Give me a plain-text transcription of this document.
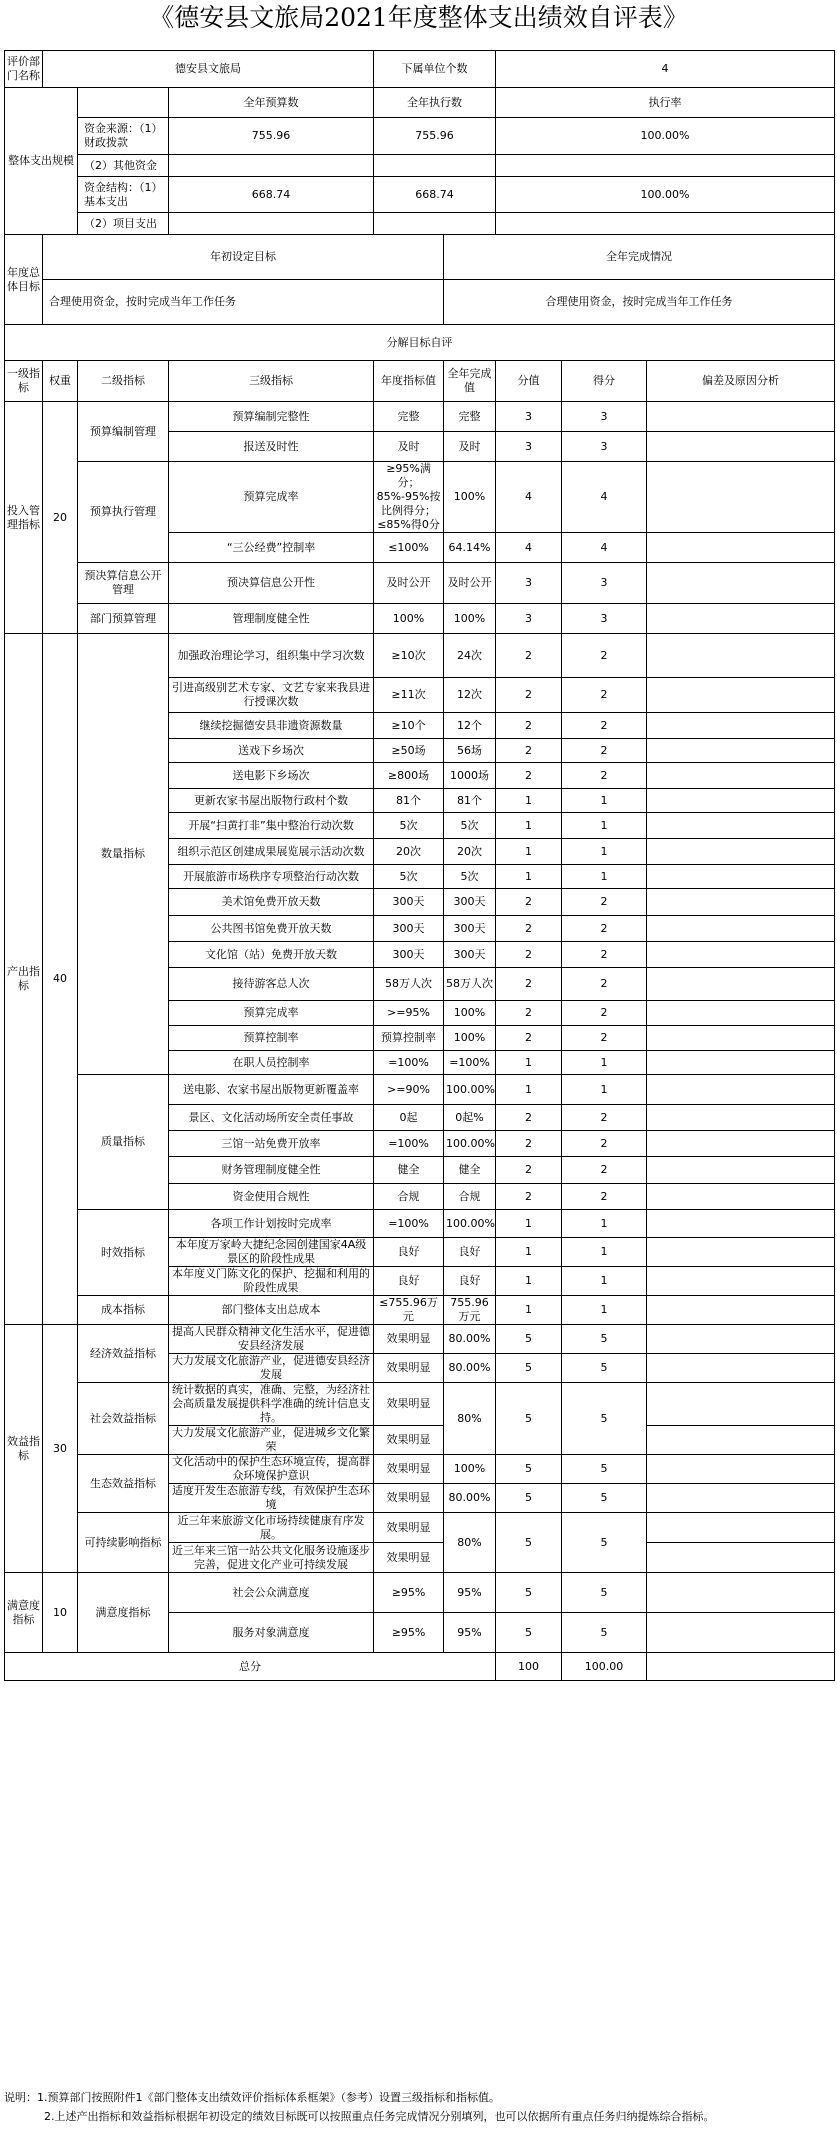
《德安县文旅局2021年度整体支出绩效自评表》
评价部门名称	德安县文旅局			下属单位个数		4		
整体支出规模			全年预算数	全年执行数		执行率		
		资金来源：（1）财政拨款	755.96	755.96		100.00%		
		（2）其他资金						
		资金结构：（1）基本支出	668.74	668.74		100.00%		
		（2）项目支出						
年度总体目标	年初设定目标				全年完成情况			
	合理使用资金，按时完成当年工作任务				合理使用资金，按时完成当年工作任务			
分解目标自评								
一级指标	权重	二级指标	三级指标	年度指标值	全年完成值	分值	得分	偏差及原因分析
投入管理指标	20	预算编制管理	预算编制完整性	完整	完整	3	3	
			报送及时性	及时	及时	3	3	
		预算执行管理	预算完成率	≥95%满分；85%-95%按比例得分；≤85%得0分	100%	4	4	
			“三公经费”控制率	≤100%	64.14%	4	4	
		预决算信息公开管理	预决算信息公开性	及时公开	及时公开	3	3	
		部门预算管理	管理制度健全性	100%	100%	3	3	
产出指标	40	数量指标	加强政治理论学习，组织集中学习次数	≥10次	24次	2	2	
			引进高级别艺术专家、文艺专家来我县进行授课次数	≥11次	12次	2	2	
			继续挖掘德安县非遗资源数量	≥10个	12个	2	2	
			送戏下乡场次	≥50场	56场	2	2	
			送电影下乡场次	≥800场	1000场	2	2	
			更新农家书屋出版物行政村个数	81个	81个	1	1	
			开展“扫黄打非”集中整治行动次数	5次	5次	1	1	
			组织示范区创建成果展览展示活动次数	20次	20次	1	1	
			开展旅游市场秩序专项整治行动次数	5次	5次	1	1	
			美术馆免费开放天数	300天	300天	2	2	
			公共图书馆免费开放天数	300天	300天	2	2	
			文化馆（站）免费开放天数	300天	300天	2	2	
			接待游客总人次	58万人次	58万人次	2	2	
			预算完成率	>=95%	100%	2	2	
			预算控制率	预算控制率	100%	2	2	
			在职人员控制率	=100%	=100%	1	1	
		质量指标	送电影、农家书屋出版物更新覆盖率	>=90%	100.00%	1	1	
			景区、文化活动场所安全责任事故	0起	0起%	2	2	
			三馆一站免费开放率	=100%	100.00%	2	2	
			财务管理制度健全性	健全	健全	2	2	
			资金使用合规性	合规	合规	2	2	
		时效指标	各项工作计划按时完成率	=100%	100.00%	1	1	
			本年度万家岭大捷纪念园创建国家4A级景区的阶段性成果	良好	良好	1	1	
			本年度义门陈文化的保护、挖掘和利用的阶段性成果	良好	良好	1	1	
		成本指标	部门整体支出总成本	≤755.96万元	755.96万元	1	1	
效益指标	30	经济效益指标	提高人民群众精神文化生活水平，促进德安县经济发展	效果明显	80.00%	5	5	
			大力发展文化旅游产业，促进德安县经济发展	效果明显	80.00%	5	5	
		社会效益指标	统计数据的真实，准确、完整，为经济社会高质量发展提供科学准确的统计信息支持。	效果明显	80%	5	5	
			大力发展文化旅游产业，促进城乡文化繁荣	效果明显				
		生态效益指标	文化活动中的保护生态环境宣传，提高群众环境保护意识	效果明显	100%	5	5	
			适度开发生态旅游专线，有效保护生态环境	效果明显	80.00%	5	5	
		可持续影响指标	近三年来旅游文化市场持续健康有序发展。	效果明显	80%	5	5	
			近三年来三馆一站公共文化服务设施逐步完善，促进文化产业可持续发展	效果明显				
满意度指标	10	满意度指标	社会公众满意度	≥95%	95%	5	5	
			服务对象满意度	≥95%	95%	5	5	
总分						100	100.00	
说明：1.预算部门按照附件1《部门整体支出绩效评价指标体系框架》（参考）设置三级指标和指标值。
2.上述产出指标和效益指标根据年初设定的绩效目标既可以按照重点任务完成情况分别填列，也可以依据所有重点任务归纳提炼综合指标。
